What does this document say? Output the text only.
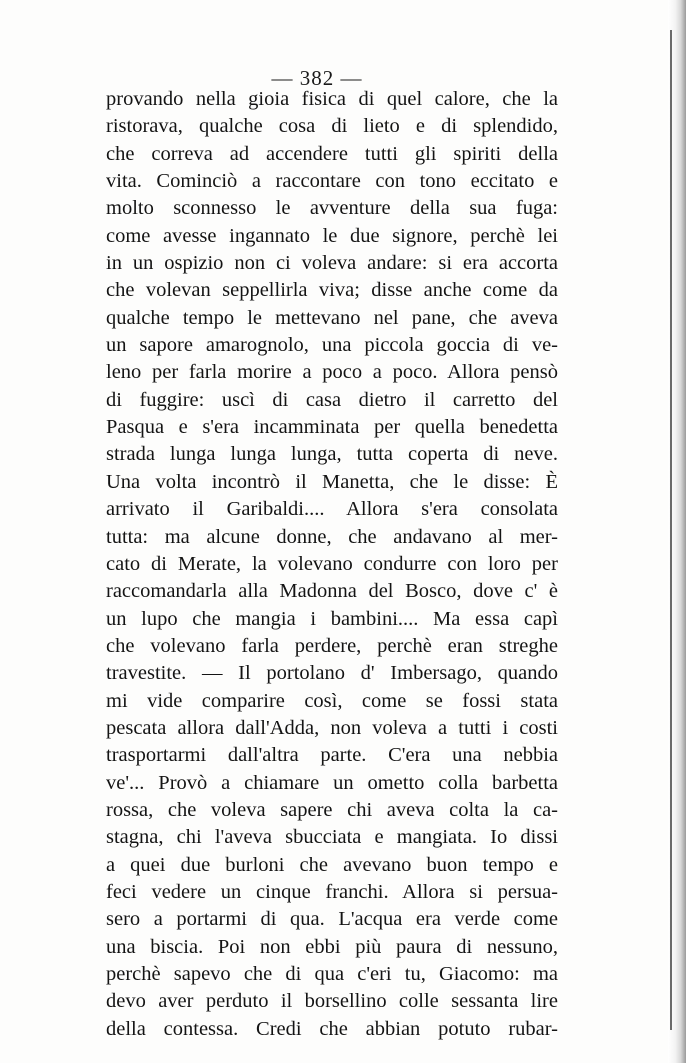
— 382 —
provando nella gioia fisica di quel calore, che la
ristorava, qualche cosa di lieto e di splendido,
che correva ad accendere tutti gli spiriti della
vita. Cominciò a raccontare con tono eccitato e
molto sconnesso le avventure della sua fuga:
come avesse ingannato le due signore, perchè lei
in un ospizio non ci voleva andare: si era accorta
che volevan seppellirla viva; disse anche come da
qualche tempo le mettevano nel pane, che aveva
un sapore amarognolo, una piccola goccia di ve-
leno per farla morire a poco a poco. Allora pensò
di fuggire: uscì di casa dietro il carretto del
Pasqua e s'era incamminata per quella benedetta
strada lunga lunga lunga, tutta coperta di neve.
Una volta incontrò il Manetta, che le disse: È
arrivato il Garibaldi.... Allora s'era consolata
tutta: ma alcune donne, che andavano al mer-
cato di Merate, la volevano condurre con loro per
raccomandarla alla Madonna del Bosco, dove c' è
un lupo che mangia i bambini.... Ma essa capì
che volevano farla perdere, perchè eran streghe
travestite. — Il portolano d' Imbersago, quando
mi vide comparire così, come se fossi stata
pescata allora dall'Adda, non voleva a tutti i costi
trasportarmi dall'altra parte. C'era una nebbia
ve'... Provò a chiamare un ometto colla barbetta
rossa, che voleva sapere chi aveva colta la ca-
stagna, chi l'aveva sbucciata e mangiata. Io dissi
a quei due burloni che avevano buon tempo e
feci vedere un cinque franchi. Allora si persua-
sero a portarmi di qua. L'acqua era verde come
una biscia. Poi non ebbi più paura di nessuno,
perchè sapevo che di qua c'eri tu, Giacomo: ma
devo aver perduto il borsellino colle sessanta lire
della contessa. Credi che abbian potuto rubar-
